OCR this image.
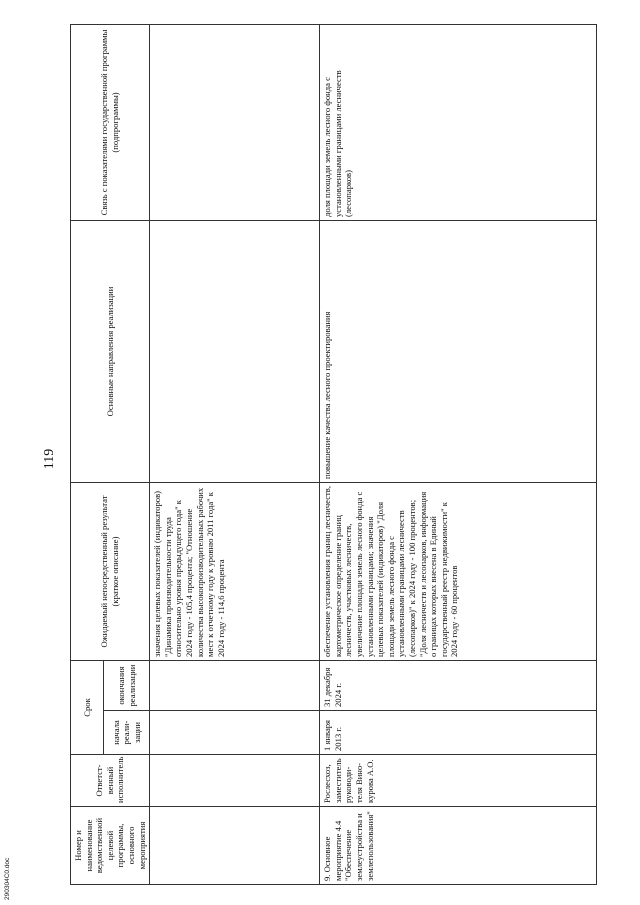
119
Номер и наименование ведомственной целевой программы, основного мероприятия	Ответст-венный исполнитель	Срок		Ожидаемый непосредственный результат (краткое описание)	Основные направления реализации	Связь с показателями государственной программы (подпрограммы)
		начала реали-зации	окончания реализации			
				значения целевых показателей (индикаторов) "Динамика производительности труда относительно уровня предыдущего года" к 2024 году - 105,4 процента; "Отношение количества высокопроизводительных рабочих мест к отчетному году к уровню 2011 года" к 2024 году - 114,6 процента		
9. Основное мероприятие 4.4 "Обеспечение землеустройства и землепользования"	Рослесхоз, заместитель руководи-теля Вино-курова А.О.	1 января 2013 г.	31 декабря 2024 г.	обеспечение установления границ лесничеств, картометрическое определение границ лесничеств, участковых лесничеств, увеличение площади земель лесного фонда с установленными границами; значения целевых показателей (индикаторов) "Доля площади земель лесного фонда с установленными границами лесничеств (лесопарков)" к 2024 году - 100 процентов; "Доля лесничеств и лесопарков, информация о границах которых внесена в Единый государственный реестр недвижимости" к 2024 году - 60 процентов	повышение качества лесного проектирования	доля площади земель лесного фонда с установленными границами лесничеств (лесопарков)
290304C0.doc
